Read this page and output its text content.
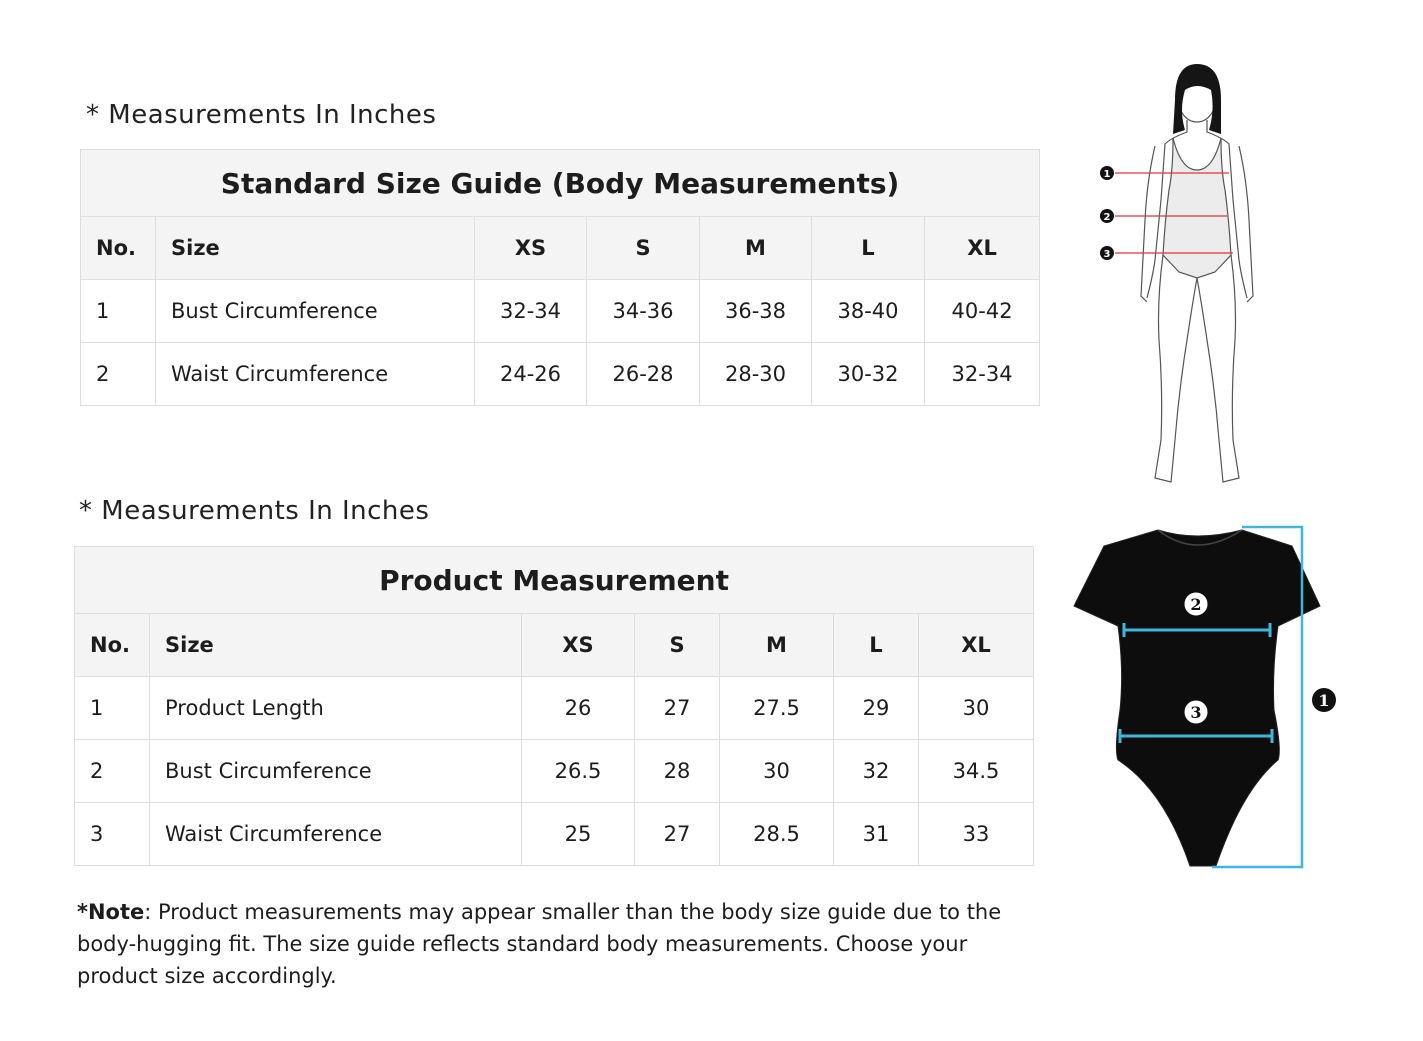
* Measurements In Inches
Standard Size Guide (Body Measurements)						
No.	Size	XS	S	M	L	XL
1	Bust Circumference	32-34	34-36	36-38	38-40	40-42
2	Waist Circumference	24-26	26-28	28-30	30-32	32-34
* Measurements In Inches
Product Measurement						
No.	Size	XS	S	M	L	XL
1	Product Length	26	27	27.5	29	30
2	Bust Circumference	26.5	28	30	32	34.5
3	Waist Circumference	25	27	28.5	31	33
*Note: Product measurements may appear smaller than the body size guide due to the body-hugging fit. The size guide reflects standard body measurements. Choose your product size accordingly.
1
2
3
1
2
3
